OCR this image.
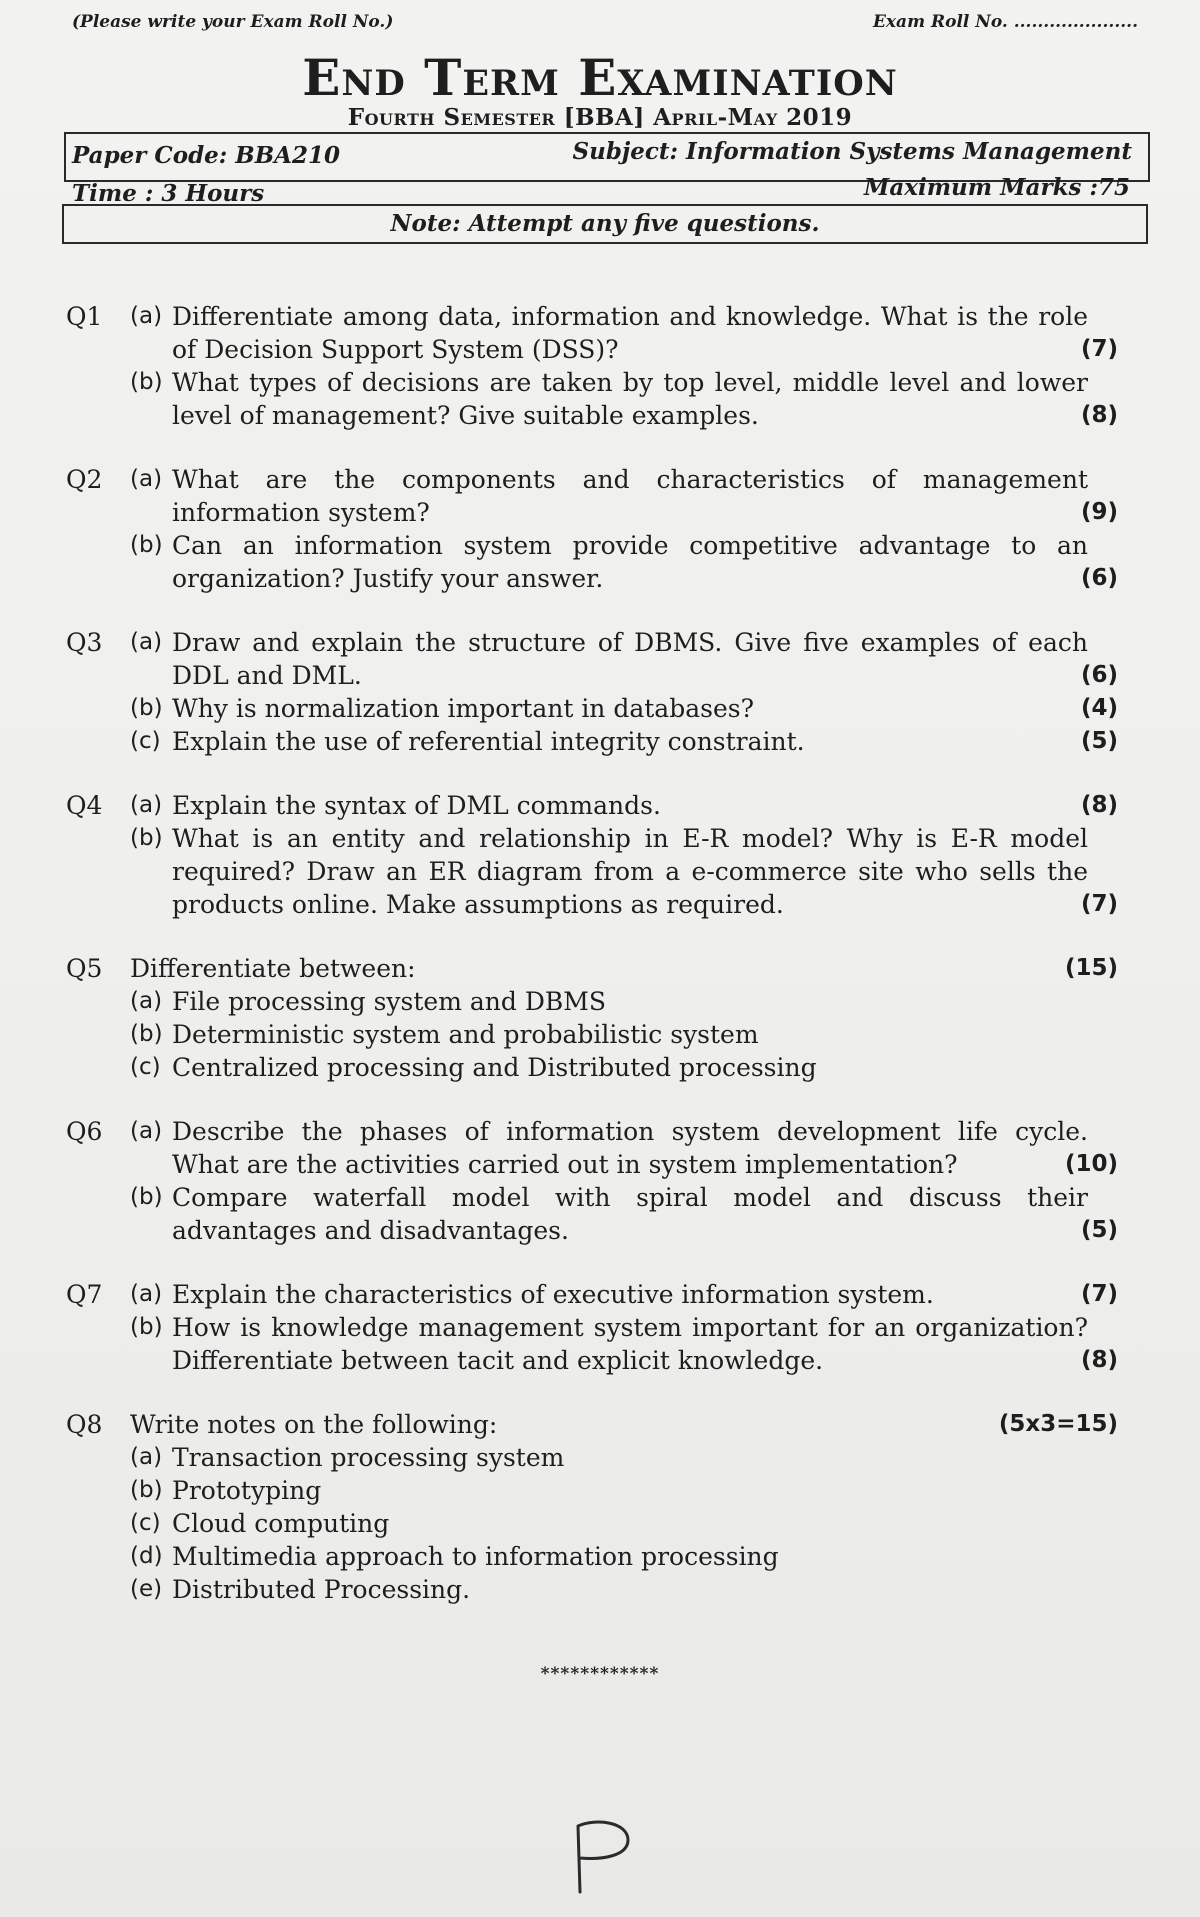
(Please write your Exam Roll No.)	Exam Roll No. .....................
End Term Examination
Fourth Semester [BBA] April-May 2019
Paper Code: BBA210	Subject: Information Systems Management
Time : 3 Hours	Maximum Marks :75
Note: Attempt any five questions.
Q1	(a) Differentiate among data, information and knowledge. What is the role of Decision Support System (DSS)?	(7)
(b) What types of decisions are taken by top level, middle level and lower level of management? Give suitable examples.	(8)
Q2	(a) What are the components and characteristics of management information system?	(9)
(b) Can an information system provide competitive advantage to an organization? Justify your answer.	(6)
Q3	(a) Draw and explain the structure of DBMS. Give five examples of each DDL and DML.	(6)
(b) Why is normalization important in databases?	(4)
(c) Explain the use of referential integrity constraint.	(5)
Q4	(a) Explain the syntax of DML commands.	(8)
(b) What is an entity and relationship in E-R model? Why is E-R model required? Draw an ER diagram from a e-commerce site who sells the products online. Make assumptions as required.	(7)
Q5	Differentiate between:	(15)
(a) File processing system and DBMS
(b) Deterministic system and probabilistic system
(c) Centralized processing and Distributed processing
Q6	(a) Describe the phases of information system development life cycle. What are the activities carried out in system implementation?	(10)
(b) Compare waterfall model with spiral model and discuss their advantages and disadvantages.	(5)
Q7	(a) Explain the characteristics of executive information system.	(7)
(b) How is knowledge management system important for an organization? Differentiate between tacit and explicit knowledge.	(8)
Q8	Write notes on the following:	(5x3=15)
(a) Transaction processing system
(b) Prototyping
(c) Cloud computing
(d) Multimedia approach to information processing
(e) Distributed Processing.
************
